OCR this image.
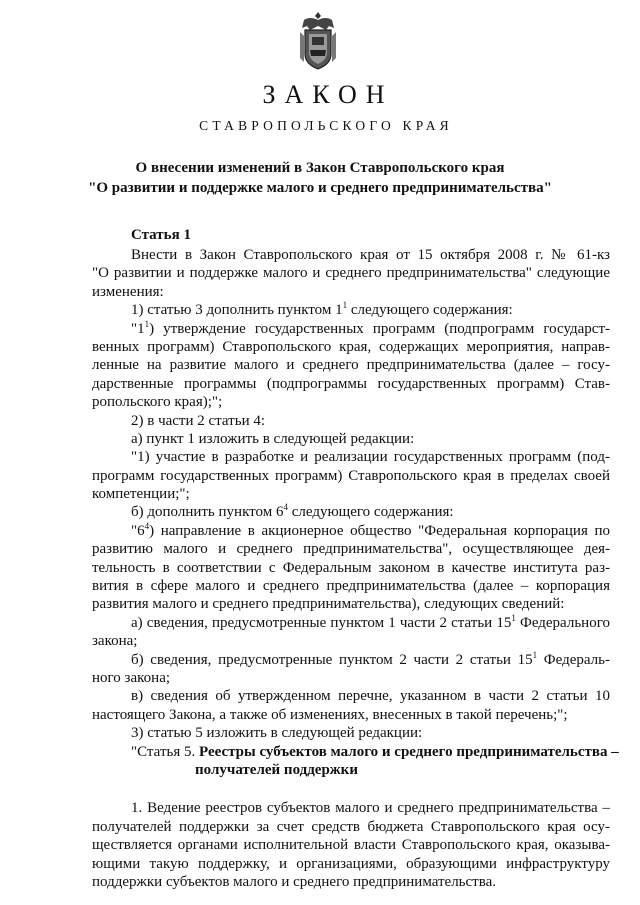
ЗАКОН
СТАВРОПОЛЬСКОГО КРАЯ
О внесении изменений в Закон Ставропольского края
"О развитии и поддержке малого и среднего предпринимательства"
Статья 1
Внести в Закон Ставропольского края от 15 октября 2008 г. № 61-кз
"О развитии и поддержке малого и среднего предпринимательства" следующие
изменения:
1) статью 3 дополнить пунктом $1^1$ следующего содержания:
"$1^1$) утверждение государственных программ (подпрограмм государст-
венных программ) Ставропольского края, содержащих мероприятия, направ-
ленные на развитие малого и среднего предпринимательства (далее – госу-
дарственные программы (подпрограммы государственных программ) Став-
ропольского края);";
2) в части 2 статьи 4:
а) пункт 1 изложить в следующей редакции:
"1) участие в разработке и реализации государственных программ (под-
программ государственных программ) Ставропольского края в пределах своей
компетенции;";
б) дополнить пунктом $6^4$ следующего содержания:
"$6^4$) направление в акционерное общество "Федеральная корпорация по
развитию малого и среднего предпринимательства", осуществляющее дея-
тельность в соответствии с Федеральным законом в качестве института раз-
вития в сфере малого и среднего предпринимательства (далее – корпорация
развития малого и среднего предпринимательства), следующих сведений:
а) сведения, предусмотренные пунктом 1 части 2 статьи $15^1$ Федерального
закона;
б) сведения, предусмотренные пунктом 2 части 2 статьи $15^1$ Федераль-
ного закона;
в) сведения об утвержденном перечне, указанном в части 2 статьи 10
настоящего Закона, а также об изменениях, внесенных в такой перечень;";
3) статью 5 изложить в следующей редакции:
"Статья 5. Реестры субъектов малого и среднего предпринимательства –
получателей поддержки
1. Ведение реестров субъектов малого и среднего предпринимательства –
получателей поддержки за счет средств бюджета Ставропольского края осу-
ществляется органами исполнительной власти Ставропольского края, оказыва-
ющими такую поддержку, и организациями, образующими инфраструктуру
поддержки субъектов малого и среднего предпринимательства.
